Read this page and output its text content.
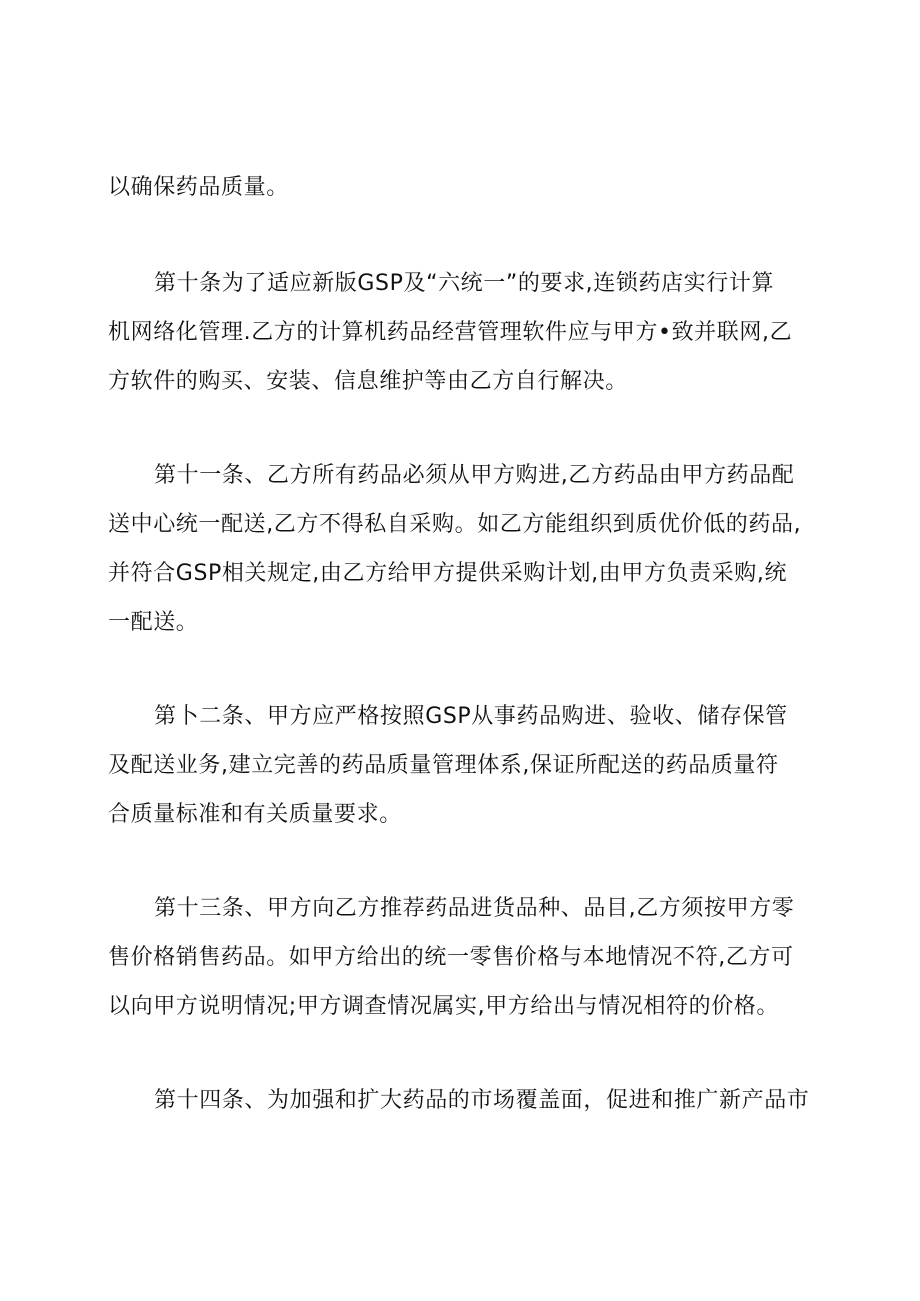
以确保药品质量。
第十条为了适应新版GSP及“六统一”的要求,连锁药店实行计算
机网络化管理.乙方的计算机药品经营管理软件应与甲方•致并联网,乙
方软件的购买、安装、信息维护等由乙方自行解决。
第十一条、乙方所有药品必须从甲方购进,乙方药品由甲方药品配
送中心统一配送,乙方不得私自采购。如乙方能组织到质优价低的药品,
并符合GSP相关规定,由乙方给甲方提供采购计划,由甲方负责采购,统
一配送。
第卜二条、甲方应严格按照GSP从事药品购进、验收、储存保管
及配送业务,建立完善的药品质量管理体系,保证所配送的药品质量符
合质量标准和有关质量要求。
第十三条、甲方向乙方推荐药品进货品种、品目,乙方须按甲方零
售价格销售药品。如甲方给出的统一零售价格与本地情况不符,乙方可
以向甲方说明情况;甲方调查情况属实,甲方给出与情况相符的价格。
第十四条、为加强和扩大药品的市场覆盖面，促进和推广新产品市
